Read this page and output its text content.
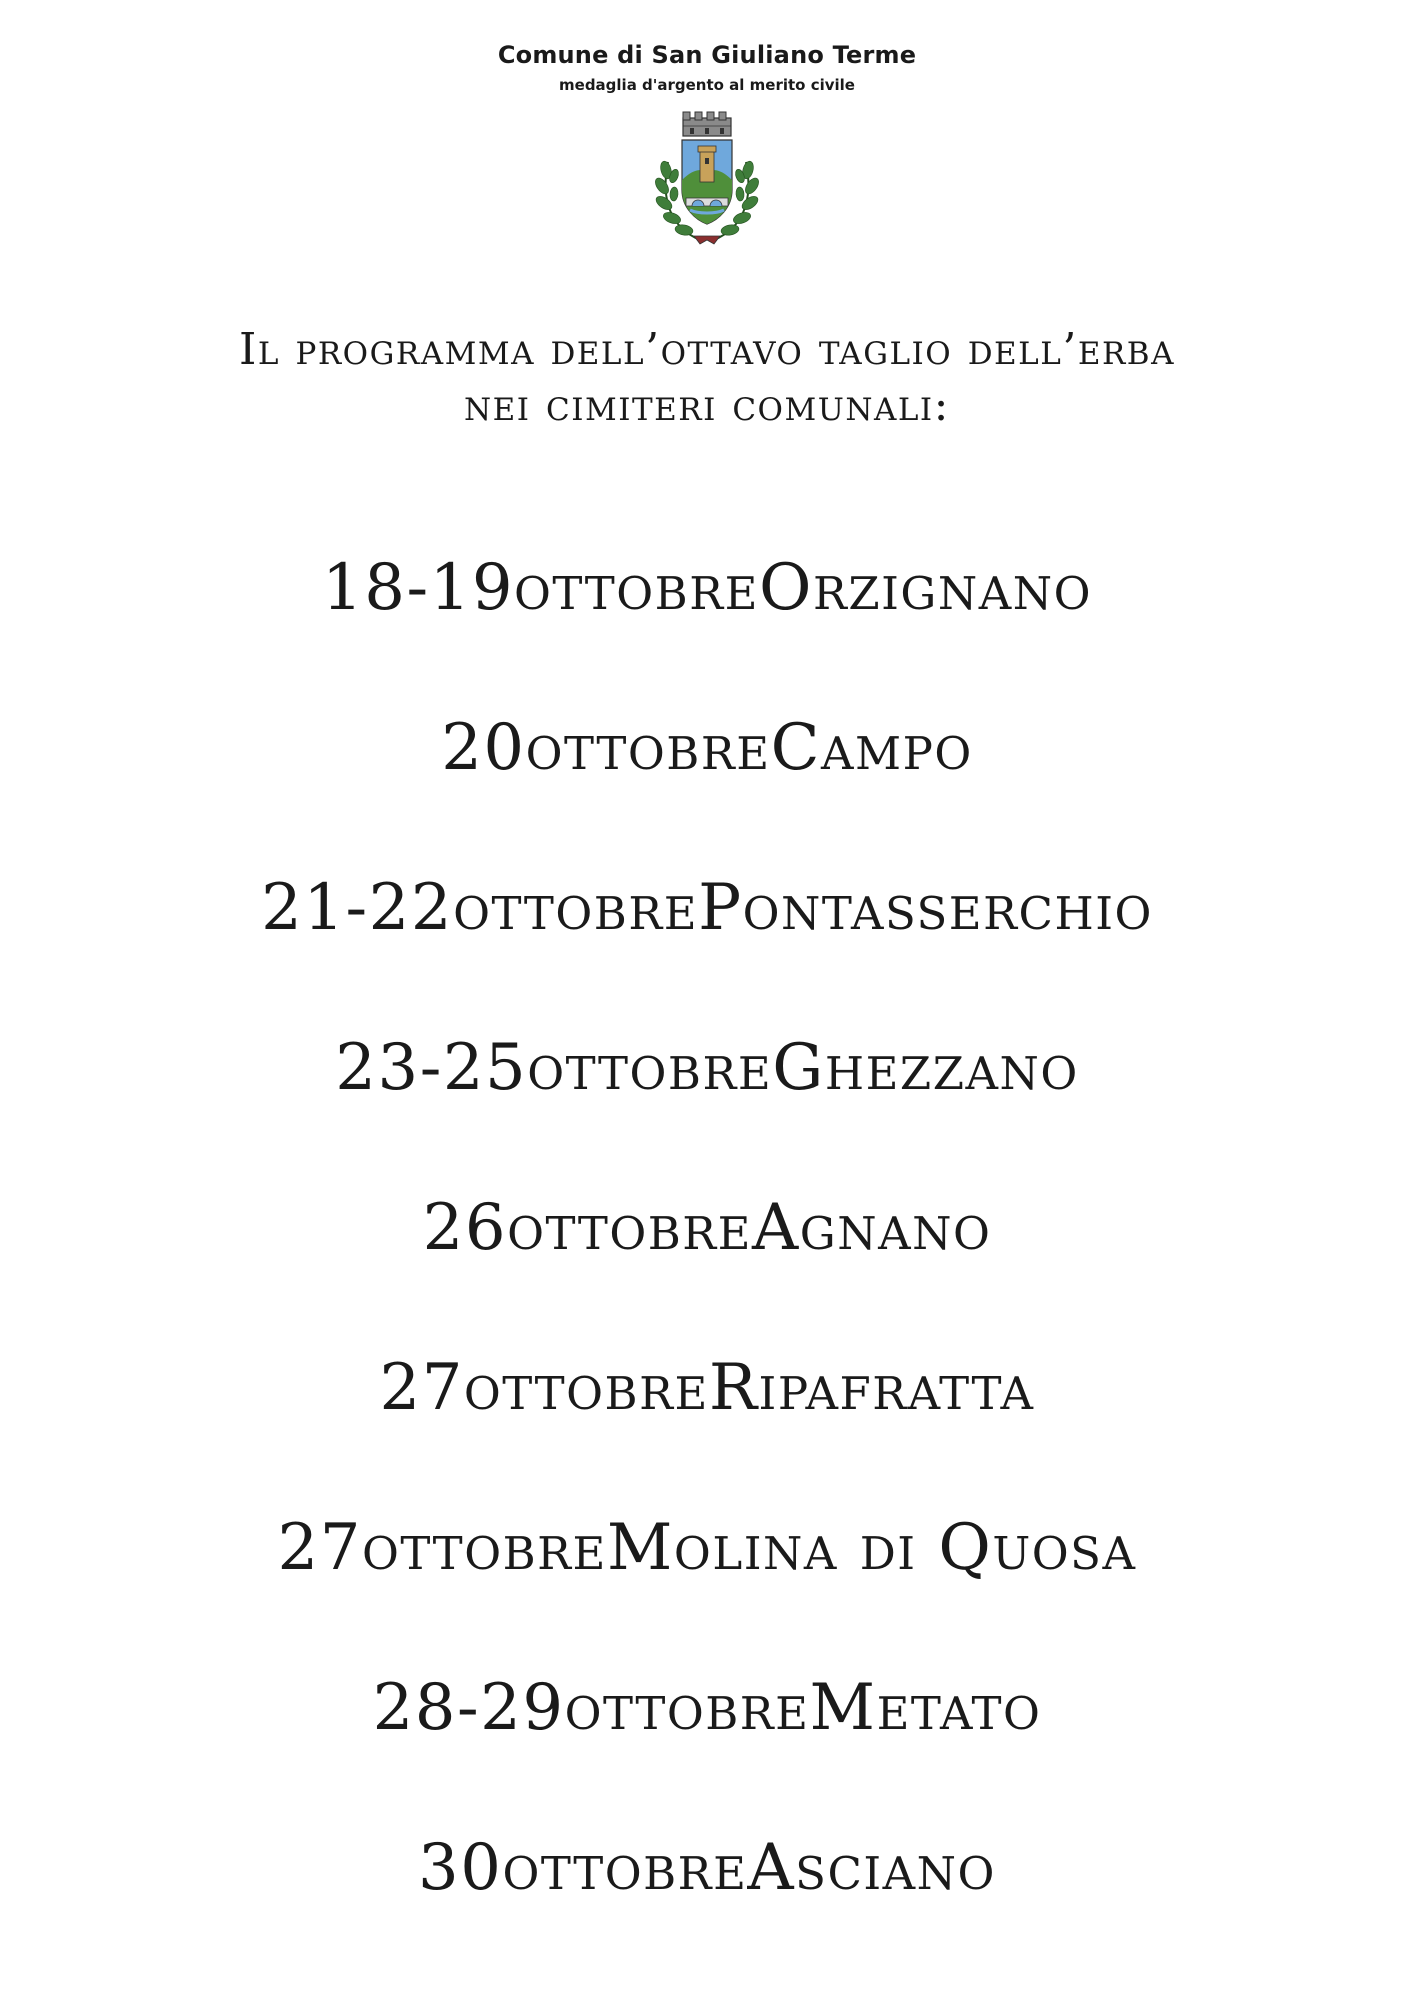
Comune di San Giuliano Terme
medaglia d'argento al merito civile
Il programma dell’ottavo taglio dell’erba
nei cimiteri comunali:
18-19ottobreOrzignano
20ottobreCampo
21-22ottobrePontasserchio
23-25ottobreGhezzano
26ottobreAgnano
27ottobreRipafratta
27ottobreMolina di Quosa
28-29ottobreMetato
30ottobreAsciano
